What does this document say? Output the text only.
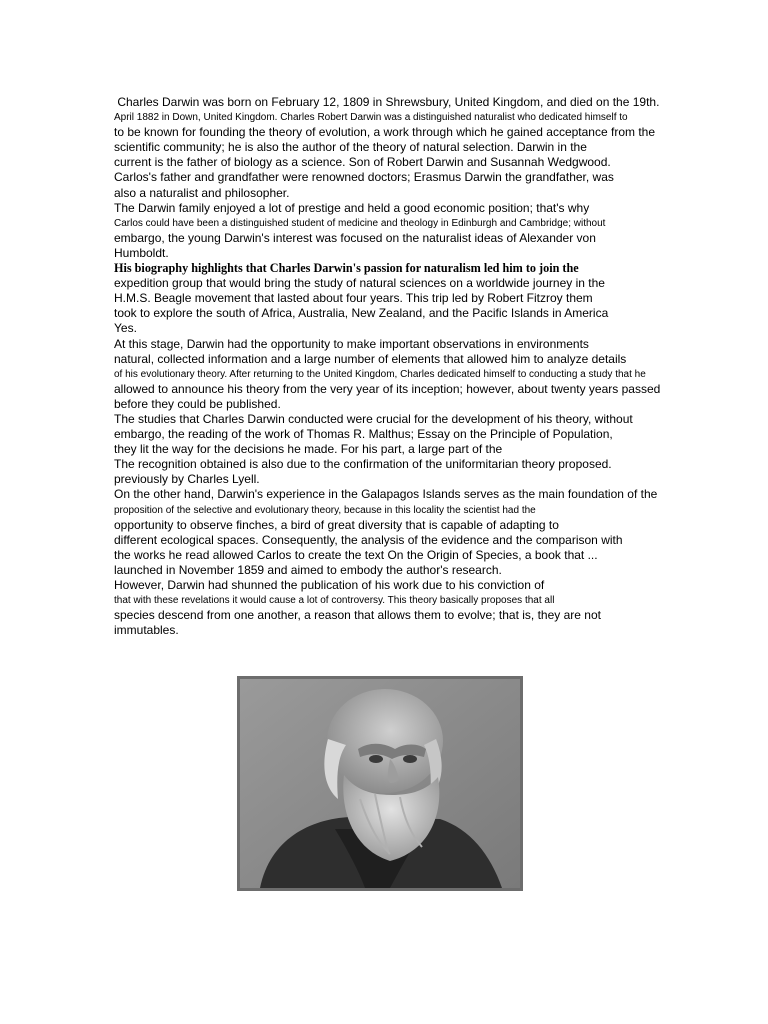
Charles Darwin was born on February 12, 1809 in Shrewsbury, United Kingdom, and died on the 19th.
April 1882 in Down, United Kingdom. Charles Robert Darwin was a distinguished naturalist who dedicated himself to
to be known for founding the theory of evolution, a work through which he gained acceptance from the
scientific community; he is also the author of the theory of natural selection. Darwin in the
current is the father of biology as a science. Son of Robert Darwin and Susannah Wedgwood.
Carlos's father and grandfather were renowned doctors; Erasmus Darwin the grandfather, was
also a naturalist and philosopher.
The Darwin family enjoyed a lot of prestige and held a good economic position; that's why
Carlos could have been a distinguished student of medicine and theology in Edinburgh and Cambridge; without
embargo, the young Darwin's interest was focused on the naturalist ideas of Alexander von
Humboldt.
His biography highlights that Charles Darwin's passion for naturalism led him to join the
expedition group that would bring the study of natural sciences on a worldwide journey in the
H.M.S. Beagle movement that lasted about four years. This trip led by Robert Fitzroy them
took to explore the south of Africa, Australia, New Zealand, and the Pacific Islands in America
Yes.
At this stage, Darwin had the opportunity to make important observations in environments
natural, collected information and a large number of elements that allowed him to analyze details
of his evolutionary theory. After returning to the United Kingdom, Charles dedicated himself to conducting a study that he
allowed to announce his theory from the very year of its inception; however, about twenty years passed
before they could be published.
The studies that Charles Darwin conducted were crucial for the development of his theory, without
embargo, the reading of the work of Thomas R. Malthus; Essay on the Principle of Population,
they lit the way for the decisions he made. For his part, a large part of the
The recognition obtained is also due to the confirmation of the uniformitarian theory proposed.
previously by Charles Lyell.
On the other hand, Darwin's experience in the Galapagos Islands serves as the main foundation of the
proposition of the selective and evolutionary theory, because in this locality the scientist had the
opportunity to observe finches, a bird of great diversity that is capable of adapting to
different ecological spaces. Consequently, the analysis of the evidence and the comparison with
the works he read allowed Carlos to create the text On the Origin of Species, a book that ...
launched in November 1859 and aimed to embody the author's research.
However, Darwin had shunned the publication of his work due to his conviction of
that with these revelations it would cause a lot of controversy. This theory basically proposes that all
species descend from one another, a reason that allows them to evolve; that is, they are not
immutables.
